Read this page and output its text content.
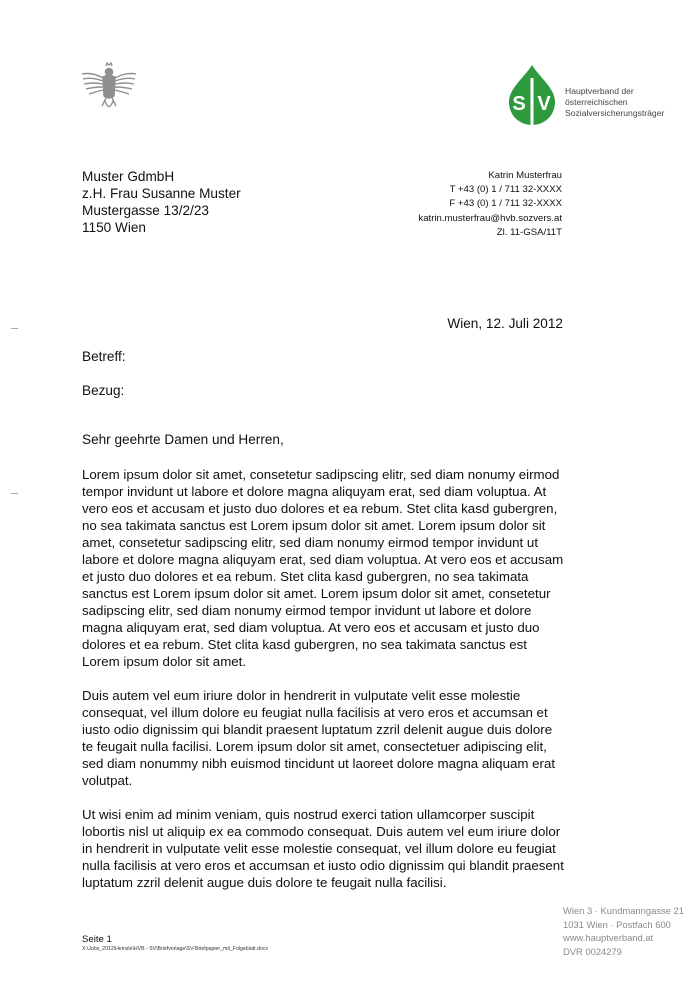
S V
Hauptverband der
österreichischen
Sozialversicherungsträger
Muster GdmbH
z.H. Frau Susanne Muster
Mustergasse 13/2/23
1150 Wien
Katrin Musterfrau
T +43 (0) 1 / 711 32-XXXX
F +43 (0) 1 / 711 32-XXXX
katrin.musterfrau@hvb.sozvers.at
Zl. 11-GSA/11T
Wien, 12. Juli 2012
Betreff:
Bezug:
Sehr geehrte Damen und Herren,

Lorem ipsum dolor sit amet, consetetur sadipscing elitr, sed diam nonumy eirmod tempor invidunt ut labore et dolore magna aliquyam erat, sed diam voluptua. At vero eos et accusam et justo duo dolores et ea rebum. Stet clita kasd gubergren, no sea takimata sanctus est Lorem ipsum dolor sit amet. Lorem ipsum dolor sit amet, consetetur sadipscing elitr, sed diam nonumy eirmod tempor invidunt ut labore et dolore magna aliquyam erat, sed diam voluptua. At vero eos et accusam et justo duo dolores et ea rebum. Stet clita kasd gubergren, no sea takimata sanctus est Lorem ipsum dolor sit amet. Lorem ipsum dolor sit amet, consetetur sadipscing elitr, sed diam nonumy eirmod tempor invidunt ut labore et dolore magna aliquyam erat, sed diam voluptua. At vero eos et accusam et justo duo dolores et ea rebum. Stet clita kasd gubergren, no sea takimata sanctus est Lorem ipsum dolor sit amet.

Duis autem vel eum iriure dolor in hendrerit in vulputate velit esse molestie consequat, vel illum dolore eu feugiat nulla facilisis at vero eros et accumsan et iusto odio dignissim qui blandit praesent luptatum zzril delenit augue duis dolore te feugait nulla facilisi. Lorem ipsum dolor sit amet, consectetuer adipiscing elit, sed diam nonummy nibh euismod tincidunt ut laoreet dolore magna aliquam erat volutpat.

Ut wisi enim ad minim veniam, quis nostrud exerci tation ullamcorper suscipit lobortis nisl ut aliquip ex ea commodo consequat. Duis autem vel eum iriure dolor in hendrerit in vulputate velit esse molestie consequat, vel illum dolore eu feugiat nulla facilisis at vero eros et accumsan et iusto odio dignissim qui blandit praesent luptatum zzril delenit augue duis dolore te feugait nulla facilisi.

Wien 3 · Kundmanngasse 21
1031 Wien · Postfach 600
www.hauptverband.at
DVR 0024279
Seite 1
X:\Jobs_2012\Heinzle\HVB - SV\Briefvorlage\SV-Briefpapier_mit_Folgeblatt.docx
